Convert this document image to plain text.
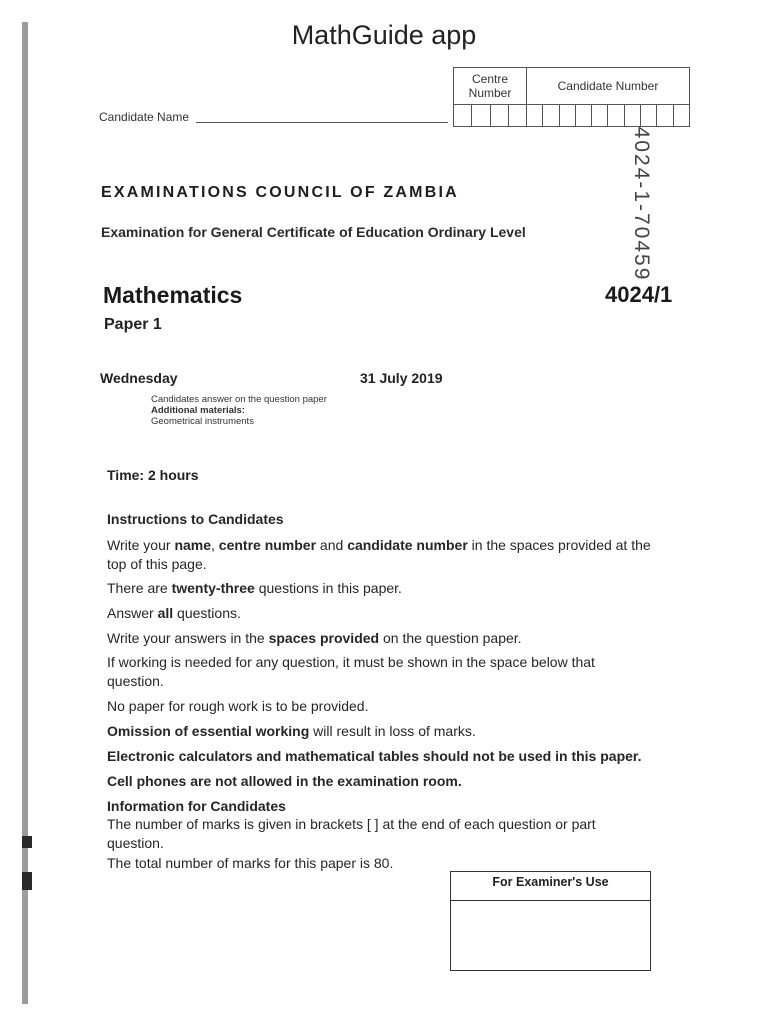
MathGuide app
Centre Number				Candidate Number									

Candidate Name
4024-1-70459
EXAMINATIONS COUNCIL OF ZAMBIA
Examination for General Certificate of Education Ordinary Level
Mathematics	4024/1
Paper 1
Wednesday	31 July 2019
Candidates answer on the question paper
Additional materials:
Geometrical instruments
Time: 2 hours
Instructions to Candidates
Write your name, centre number and candidate number in the spaces provided at the top of this page.
There are twenty-three questions in this paper.
Answer all questions.
Write your answers in the spaces provided on the question paper.
If working is needed for any question, it must be shown in the space below that question.
No paper for rough work is to be provided.
Omission of essential working will result in loss of marks.
Electronic calculators and mathematical tables should not be used in this paper.
Cell phones are not allowed in the examination room.
Information for Candidates
The number of marks is given in brackets [ ] at the end of each question or part question.
The total number of marks for this paper is 80.
For Examiner's Use
